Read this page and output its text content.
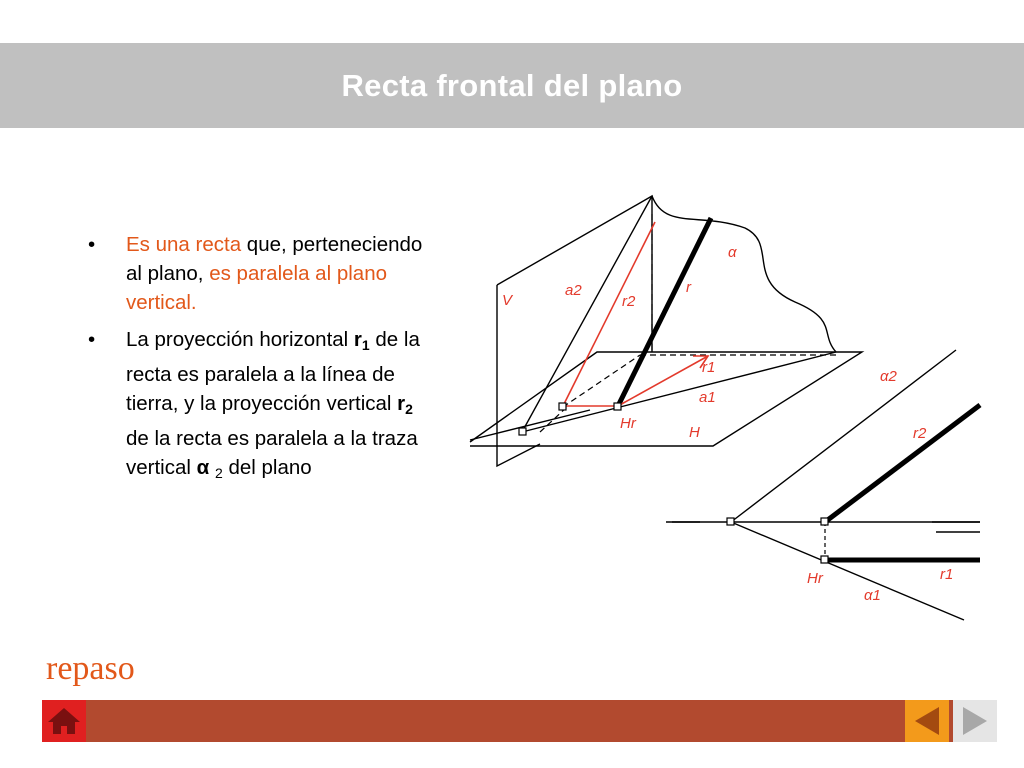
Recta frontal del plano
• Es una recta que, perteneciendo al plano, es paralela al plano vertical.
• La proyección horizontal $r_1$ de la recta es paralela a la línea de tierra, y la proyección vertical $r_2$ de la recta es paralela a la traza vertical α $_2$ del plano
V
a2
r2
r
α
r1
a1
Hr
H
α2
r2
Hr	r1
α1
repaso
